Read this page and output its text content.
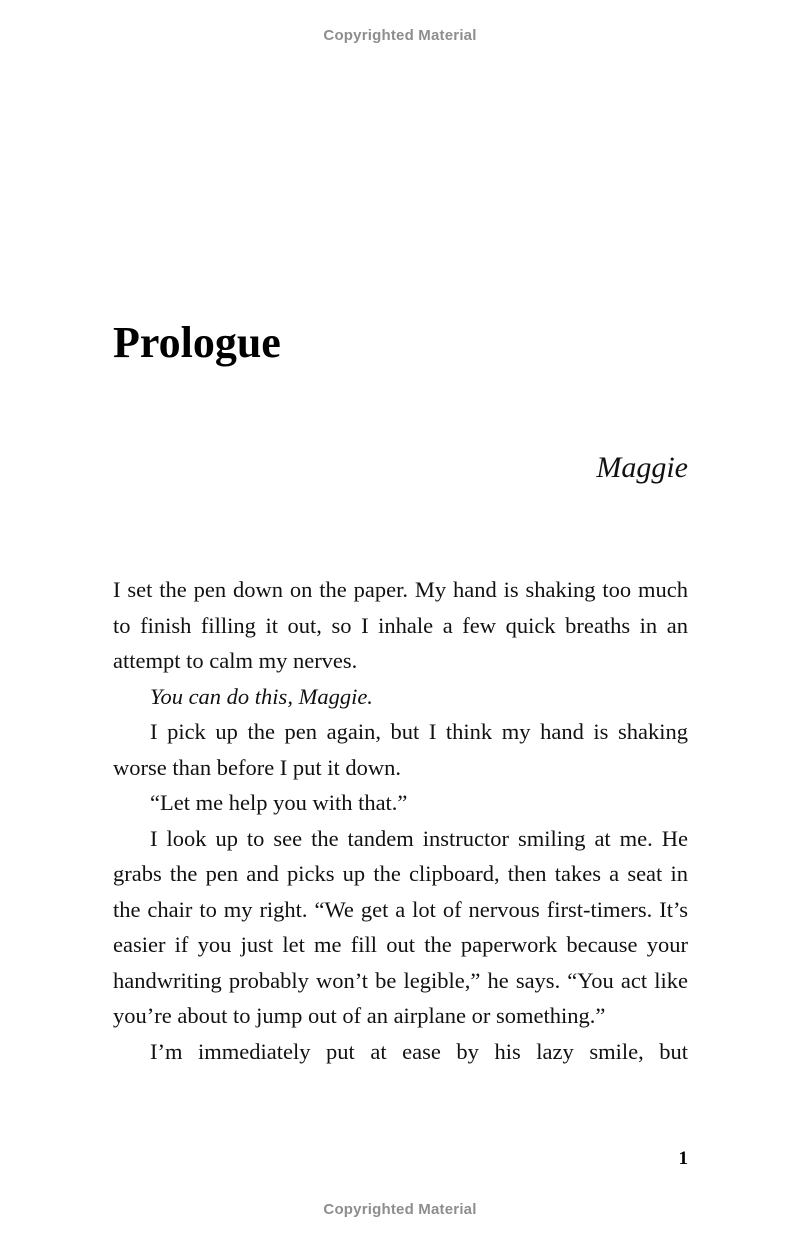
Copyrighted Material
Prologue
Maggie

I set the pen down on the paper. My hand is shaking too much to finish filling it out, so I inhale a few quick breaths in an attempt to calm my nerves.

You can do this, Maggie.

I pick up the pen again, but I think my hand is shaking worse than before I put it down.

“Let me help you with that.”

I look up to see the tandem instructor smiling at me. He grabs the pen and picks up the clipboard, then takes a seat in the chair to my right. “We get a lot of nervous first-timers. It’s easier if you just let me fill out the paperwork because your handwriting probably won’t be legible,” he says. “You act like you’re about to jump out of an airplane or something.”

I’m immediately put at ease by his lazy smile, but

1
Copyrighted Material
